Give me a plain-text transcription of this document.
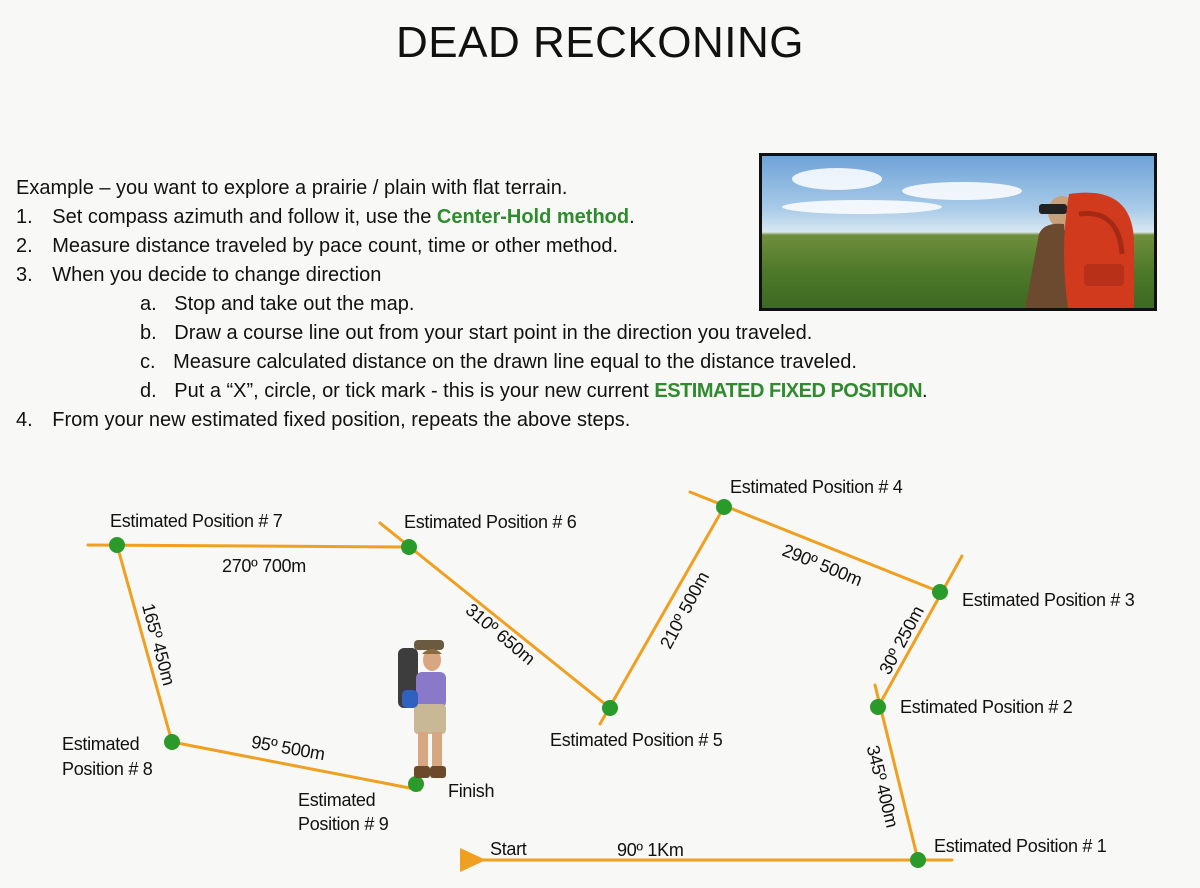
DEAD RECKONING
Example – you want to explore a prairie / plain with flat terrain.
1. Set compass azimuth and follow it, use the Center-Hold method.
2. Measure distance traveled by pace count, time or other method.
3. When you decide to change direction
a. Stop and take out the map.
b. Draw a course line out from your start point in the direction you traveled.
c. Measure calculated distance on the drawn line equal to the distance traveled.
d. Put a “X”, circle, or tick mark - this is your new current ESTIMATED FIXED POSITION.
4. From your new estimated fixed position, repeats the above steps.
Start
Finish
Estimated Position # 1
Estimated Position # 2
Estimated Position # 3
Estimated Position # 4
Estimated Position # 5
Estimated Position # 6
Estimated Position # 7
Estimated
Position # 8
Estimated
Position # 9
90º 1Km
345º 400m
30º 250m
290º 500m
210º 500m
310º 650m
270º 700m
165º 450m
95º 500m
